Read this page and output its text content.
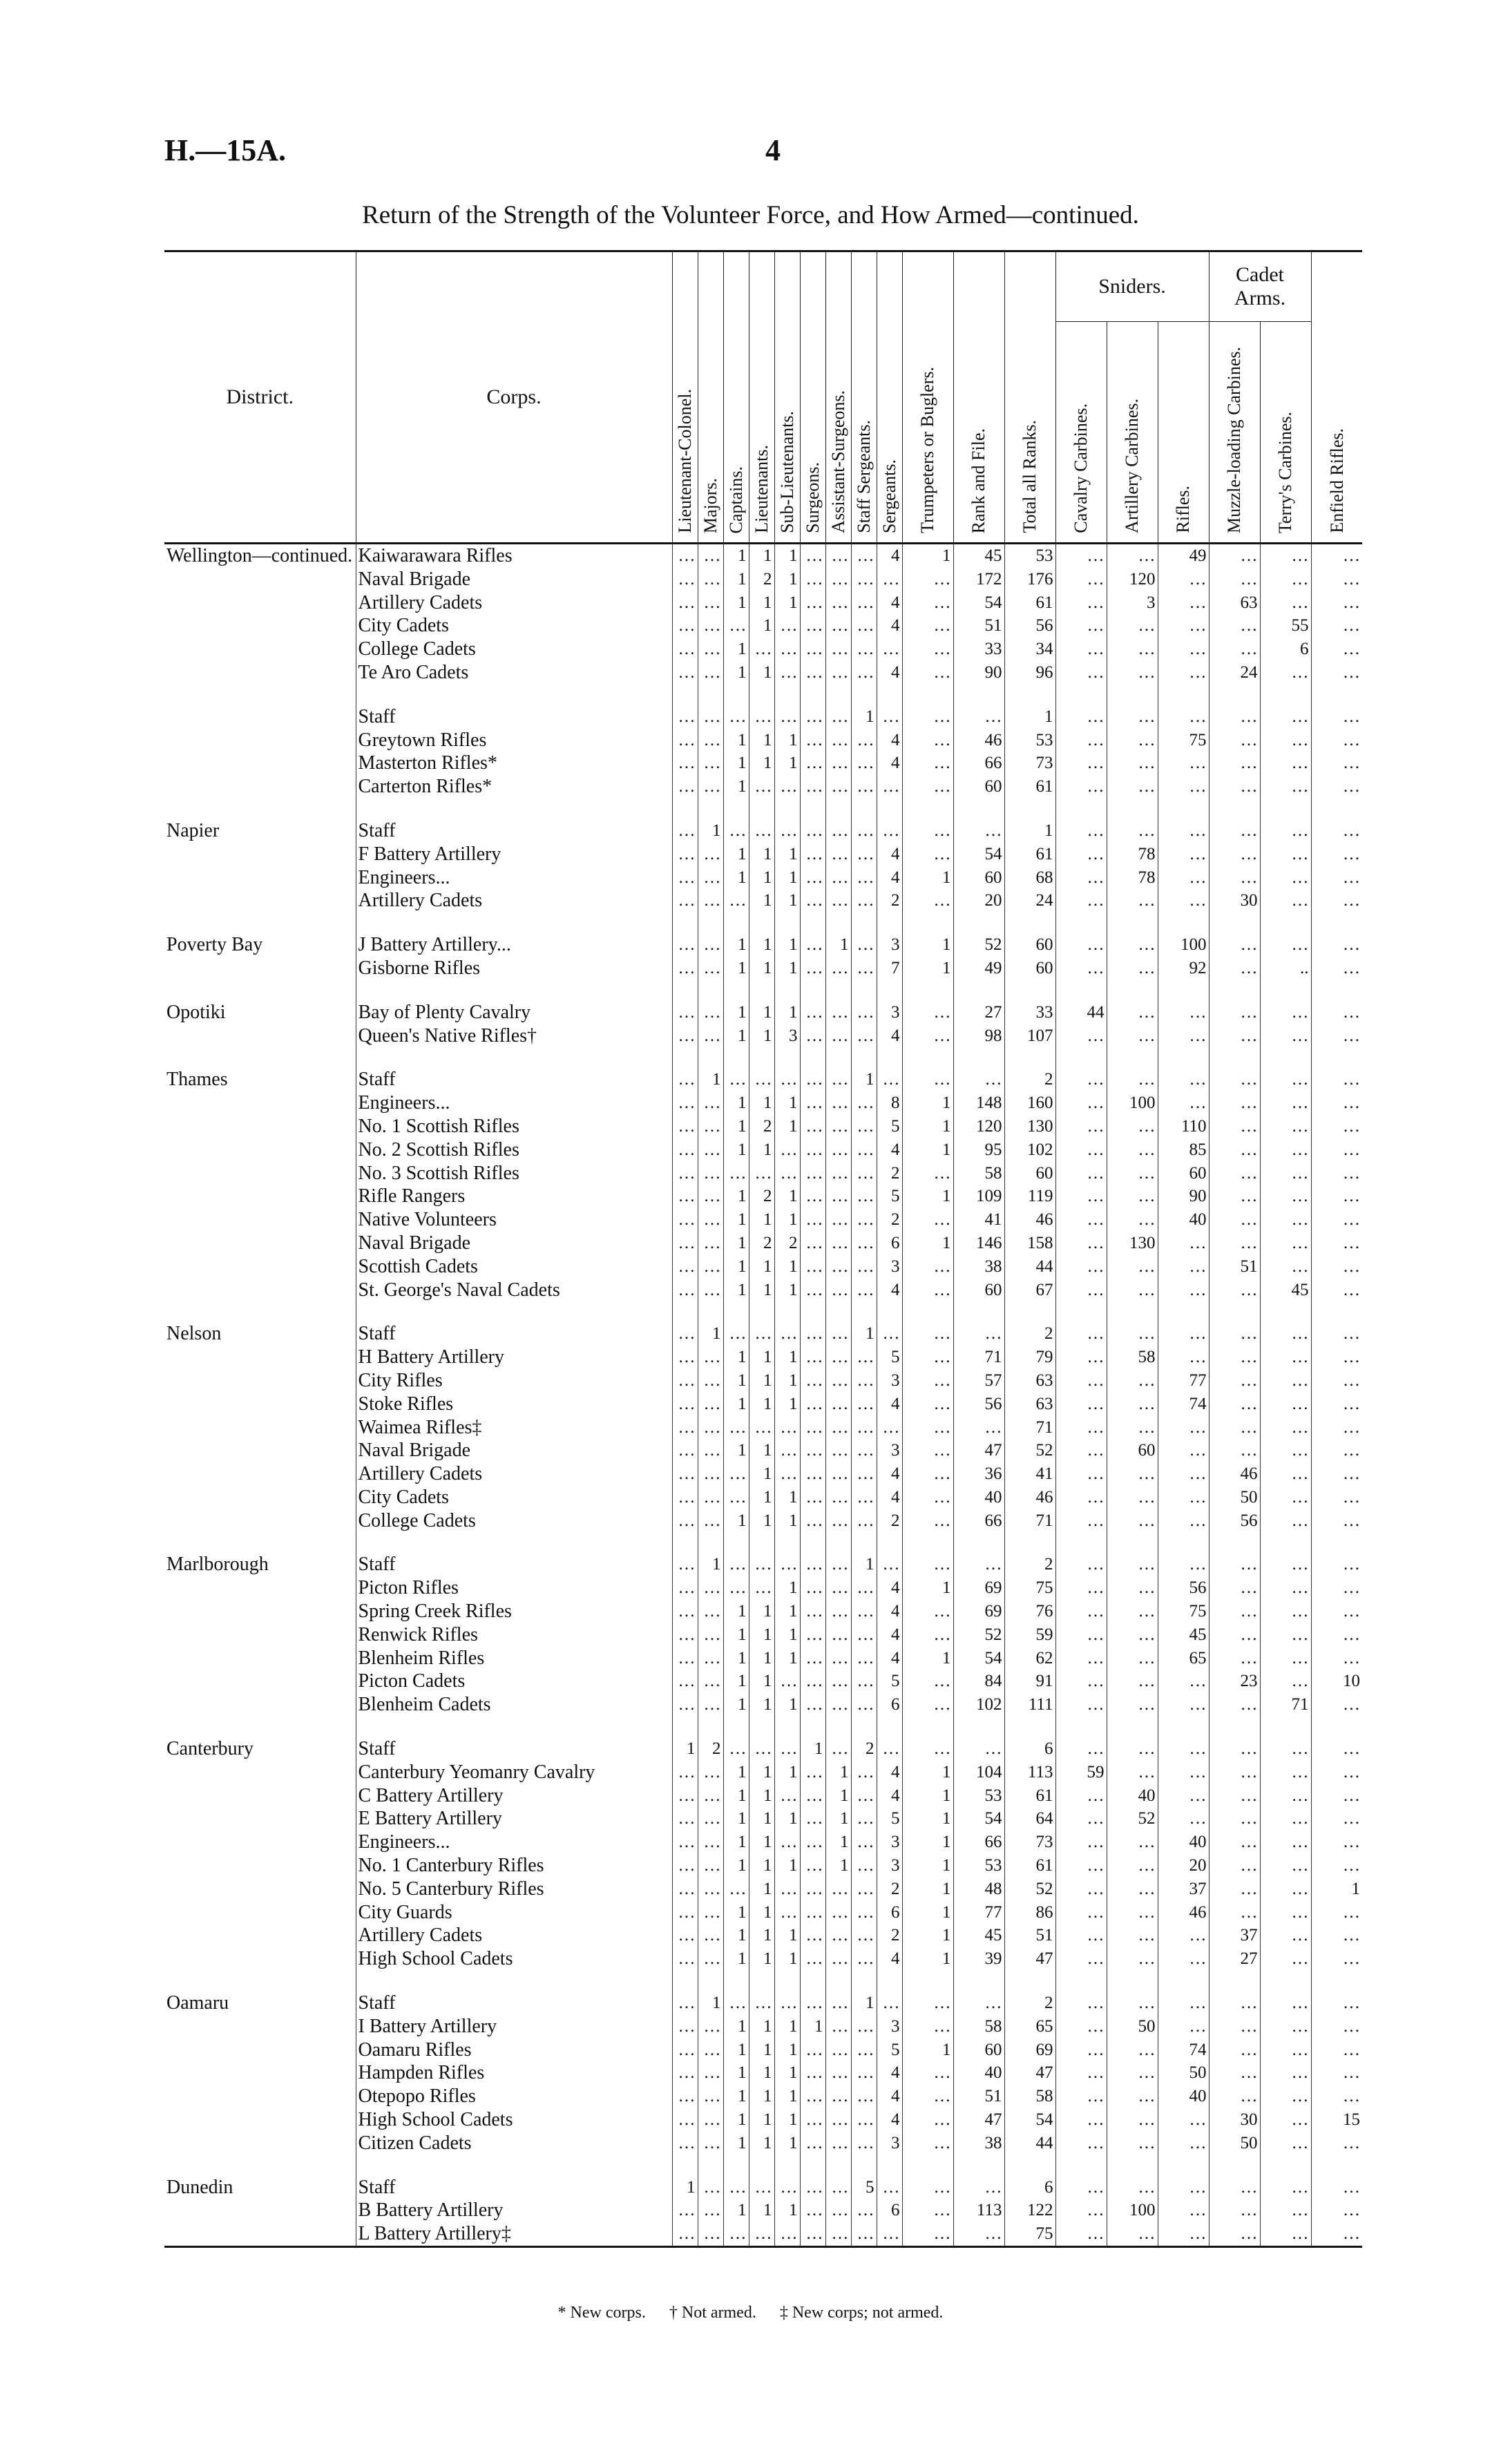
H.—15A.	4
Return of the Strength of the Volunteer Force, and How Armed—continued.
District.	Corps.	Lieutenant-Colonel.	Majors.	Captains.	Lieutenants.	Sub-Lieutenants.	Surgeons.	Assistant-Surgeons.	Staff Sergeants.	Sergeants.	Trumpeters or Buglers.	Rank and File.	Total all Ranks.	Sniders.			Cadet Arms.		Enfield Rifles.
														Cavalry Carbines.	Artillery Carbines.	Rifles.	Muzzle-loading Carbines.	Terry's Carbines.	
Wellington—continued.	Kaiwarawara Rifles	…	…	1	1	1	…	…	…	4	1	45	53	…	…	49	…	…	…
	Naval Brigade	…	…	1	2	1	…	…	…	…	…	172	176	…	120	…	…	…	…
	Artillery Cadets	…	…	1	1	1	…	…	…	4	…	54	61	…	3	…	63	…	…
	City Cadets	…	…	…	1	…	…	…	…	4	…	51	56	…	…	…	…	55	…
	College Cadets	…	…	1	…	…	…	…	…	…	…	33	34	…	…	…	…	6	…
	Te Aro Cadets	…	…	1	1	…	…	…	…	4	…	90	96	…	…	…	24	…	…

	Staff	…	…	…	…	…	…	…	1	…	…	…	1	…	…	…	…	…	…
	Greytown Rifles	…	…	1	1	1	…	…	…	4	…	46	53	…	…	75	…	…	…
	Masterton Rifles*	…	…	1	1	1	…	…	…	4	…	66	73	…	…	…	…	…	…
	Carterton Rifles*	…	…	1	…	…	…	…	…	…	…	60	61	…	…	…	…	…	…

Napier	Staff	…	1	…	…	…	…	…	…	…	…	…	1	…	…	…	…	…	…
	F Battery Artillery	…	…	1	1	1	…	…	…	4	…	54	61	…	78	…	…	…	…
	Engineers...	…	…	1	1	1	…	…	…	4	1	60	68	…	78	…	…	…	…
	Artillery Cadets	…	…	…	1	1	…	…	…	2	…	20	24	…	…	…	30	…	…

Poverty Bay	J Battery Artillery...	…	…	1	1	1	…	1	…	3	1	52	60	…	…	100	…	…	…
	Gisborne Rifles	…	…	1	1	1	…	…	…	7	1	49	60	…	…	92	…	..	…

Opotiki	Bay of Plenty Cavalry	…	…	1	1	1	…	…	…	3	…	27	33	44	…	…	…	…	…
	Queen's Native Rifles†	…	…	1	1	3	…	…	…	4	…	98	107	…	…	…	…	…	…

Thames	Staff	…	1	…	…	…	…	…	1	…	…	…	2	…	…	…	…	…	…
	Engineers...	…	…	1	1	1	…	…	…	8	1	148	160	…	100	…	…	…	…
	No. 1 Scottish Rifles	…	…	1	2	1	…	…	…	5	1	120	130	…	…	110	…	…	…
	No. 2 Scottish Rifles	…	…	1	1	…	…	…	…	4	1	95	102	…	…	85	…	…	…
	No. 3 Scottish Rifles	…	…	…	…	…	…	…	…	2	…	58	60	…	…	60	…	…	…
	Rifle Rangers	…	…	1	2	1	…	…	…	5	1	109	119	…	…	90	…	…	…
	Native Volunteers	…	…	1	1	1	…	…	…	2	…	41	46	…	…	40	…	…	…
	Naval Brigade	…	…	1	2	2	…	…	…	6	1	146	158	…	130	…	…	…	…
	Scottish Cadets	…	…	1	1	1	…	…	…	3	…	38	44	…	…	…	51	…	…
	St. George's Naval Cadets	…	…	1	1	1	…	…	…	4	…	60	67	…	…	…	…	45	…

Nelson	Staff	…	1	…	…	…	…	…	1	…	…	…	2	…	…	…	…	…	…
	H Battery Artillery	…	…	1	1	1	…	…	…	5	…	71	79	…	58	…	…	…	…
	City Rifles	…	…	1	1	1	…	…	…	3	…	57	63	…	…	77	…	…	…
	Stoke Rifles	…	…	1	1	1	…	…	…	4	…	56	63	…	…	74	…	…	…
	Waimea Rifles‡	…	…	…	…	…	…	…	…	…	…	…	71	…	…	…	…	…	…
	Naval Brigade	…	…	1	1	…	…	…	…	3	…	47	52	…	60	…	…	…	…
	Artillery Cadets	…	…	…	1	…	…	…	…	4	…	36	41	…	…	…	46	…	…
	City Cadets	…	…	…	1	1	…	…	…	4	…	40	46	…	…	…	50	…	…
	College Cadets	…	…	1	1	1	…	…	…	2	…	66	71	…	…	…	56	…	…

Marlborough	Staff	…	1	…	…	…	…	…	1	…	…	…	2	…	…	…	…	…	…
	Picton Rifles	…	…	…	…	1	…	…	…	4	1	69	75	…	…	56	…	…	…
	Spring Creek Rifles	…	…	1	1	1	…	…	…	4	…	69	76	…	…	75	…	…	…
	Renwick Rifles	…	…	1	1	1	…	…	…	4	…	52	59	…	…	45	…	…	…
	Blenheim Rifles	…	…	1	1	1	…	…	…	4	1	54	62	…	…	65	…	…	…
	Picton Cadets	…	…	1	1	…	…	…	…	5	…	84	91	…	…	…	23	…	10
	Blenheim Cadets	…	…	1	1	1	…	…	…	6	…	102	111	…	…	…	…	71	…

Canterbury	Staff	1	2	…	…	…	1	…	2	…	…	…	6	…	…	…	…	…	…
	Canterbury Yeomanry Cavalry	…	…	1	1	1	…	1	…	4	1	104	113	59	…	…	…	…	…
	C Battery Artillery	…	…	1	1	…	…	1	…	4	1	53	61	…	40	…	…	…	…
	E Battery Artillery	…	…	1	1	1	…	1	…	5	1	54	64	…	52	…	…	…	…
	Engineers...	…	…	1	1	…	…	1	…	3	1	66	73	…	…	40	…	…	…
	No. 1 Canterbury Rifles	…	…	1	1	1	…	1	…	3	1	53	61	…	…	20	…	…	…
	No. 5 Canterbury Rifles	…	…	…	1	…	…	…	…	2	1	48	52	…	…	37	…	…	1
	City Guards	…	…	1	1	…	…	…	…	6	1	77	86	…	…	46	…	…	…
	Artillery Cadets	…	…	1	1	1	…	…	…	2	1	45	51	…	…	…	37	…	…
	High School Cadets	…	…	1	1	1	…	…	…	4	1	39	47	…	…	…	27	…	…

Oamaru	Staff	…	1	…	…	…	…	…	1	…	…	…	2	…	…	…	…	…	…
	I Battery Artillery	…	…	1	1	1	1	…	…	3	…	58	65	…	50	…	…	…	…
	Oamaru Rifles	…	…	1	1	1	…	…	…	5	1	60	69	…	…	74	…	…	…
	Hampden Rifles	…	…	1	1	1	…	…	…	4	…	40	47	…	…	50	…	…	…
	Otepopo Rifles	…	…	1	1	1	…	…	…	4	…	51	58	…	…	40	…	…	…
	High School Cadets	…	…	1	1	1	…	…	…	4	…	47	54	…	…	…	30	…	15
	Citizen Cadets	…	…	1	1	1	…	…	…	3	…	38	44	…	…	…	50	…	…

Dunedin	Staff	1	…	…	…	…	…	…	5	…	…	…	6	…	…	…	…	…	…
	B Battery Artillery	…	…	1	1	1	…	…	…	6	…	113	122	…	100	…	…	…	…
	L Battery Artillery‡	…	…	…	…	…	…	…	…	…	…	…	75	…	…	…	…	…	…

* New corps. † Not armed. ‡ New corps; not armed.
